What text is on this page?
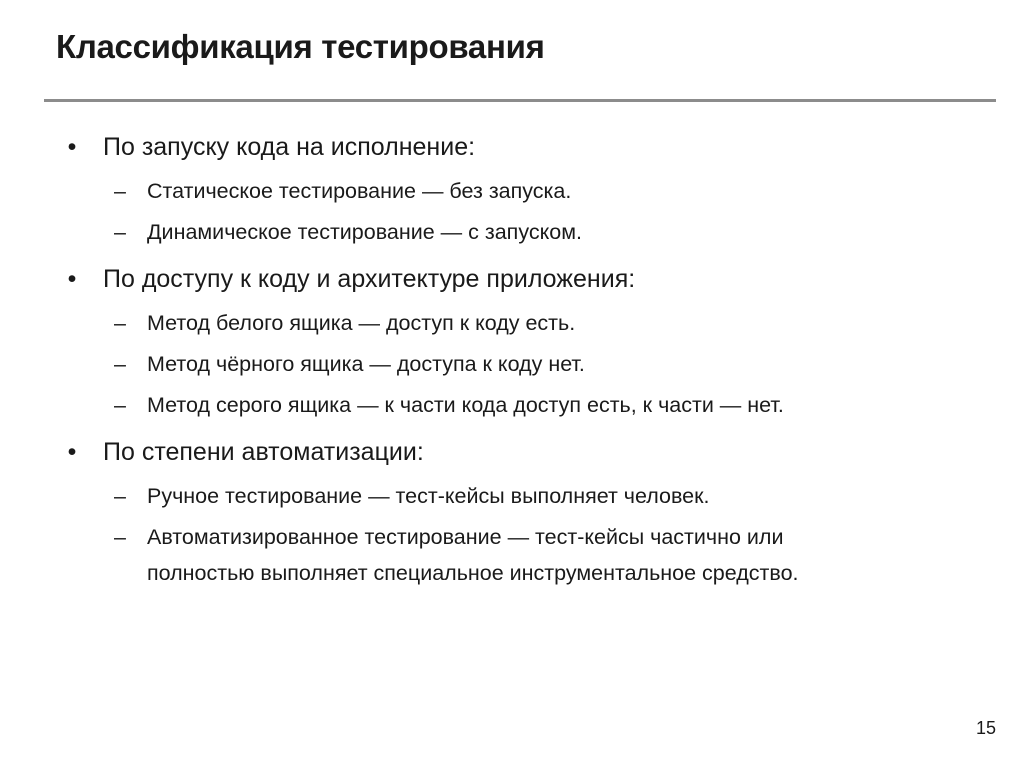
Классификация тестирования
• По запуску кода на исполнение:
– Статическое тестирование — без запуска.
– Динамическое тестирование — с запуском.
• По доступу к коду и архитектуре приложения:
– Метод белого ящика — доступ к коду есть.
– Метод чёрного ящика — доступа к коду нет.
– Метод серого ящика — к части кода доступ есть, к части — нет.
• По степени автоматизации:
– Ручное тестирование — тест-кейсы выполняет человек.
– Автоматизированное тестирование — тест-кейсы частично или
полностью выполняет специальное инструментальное средство.
15
